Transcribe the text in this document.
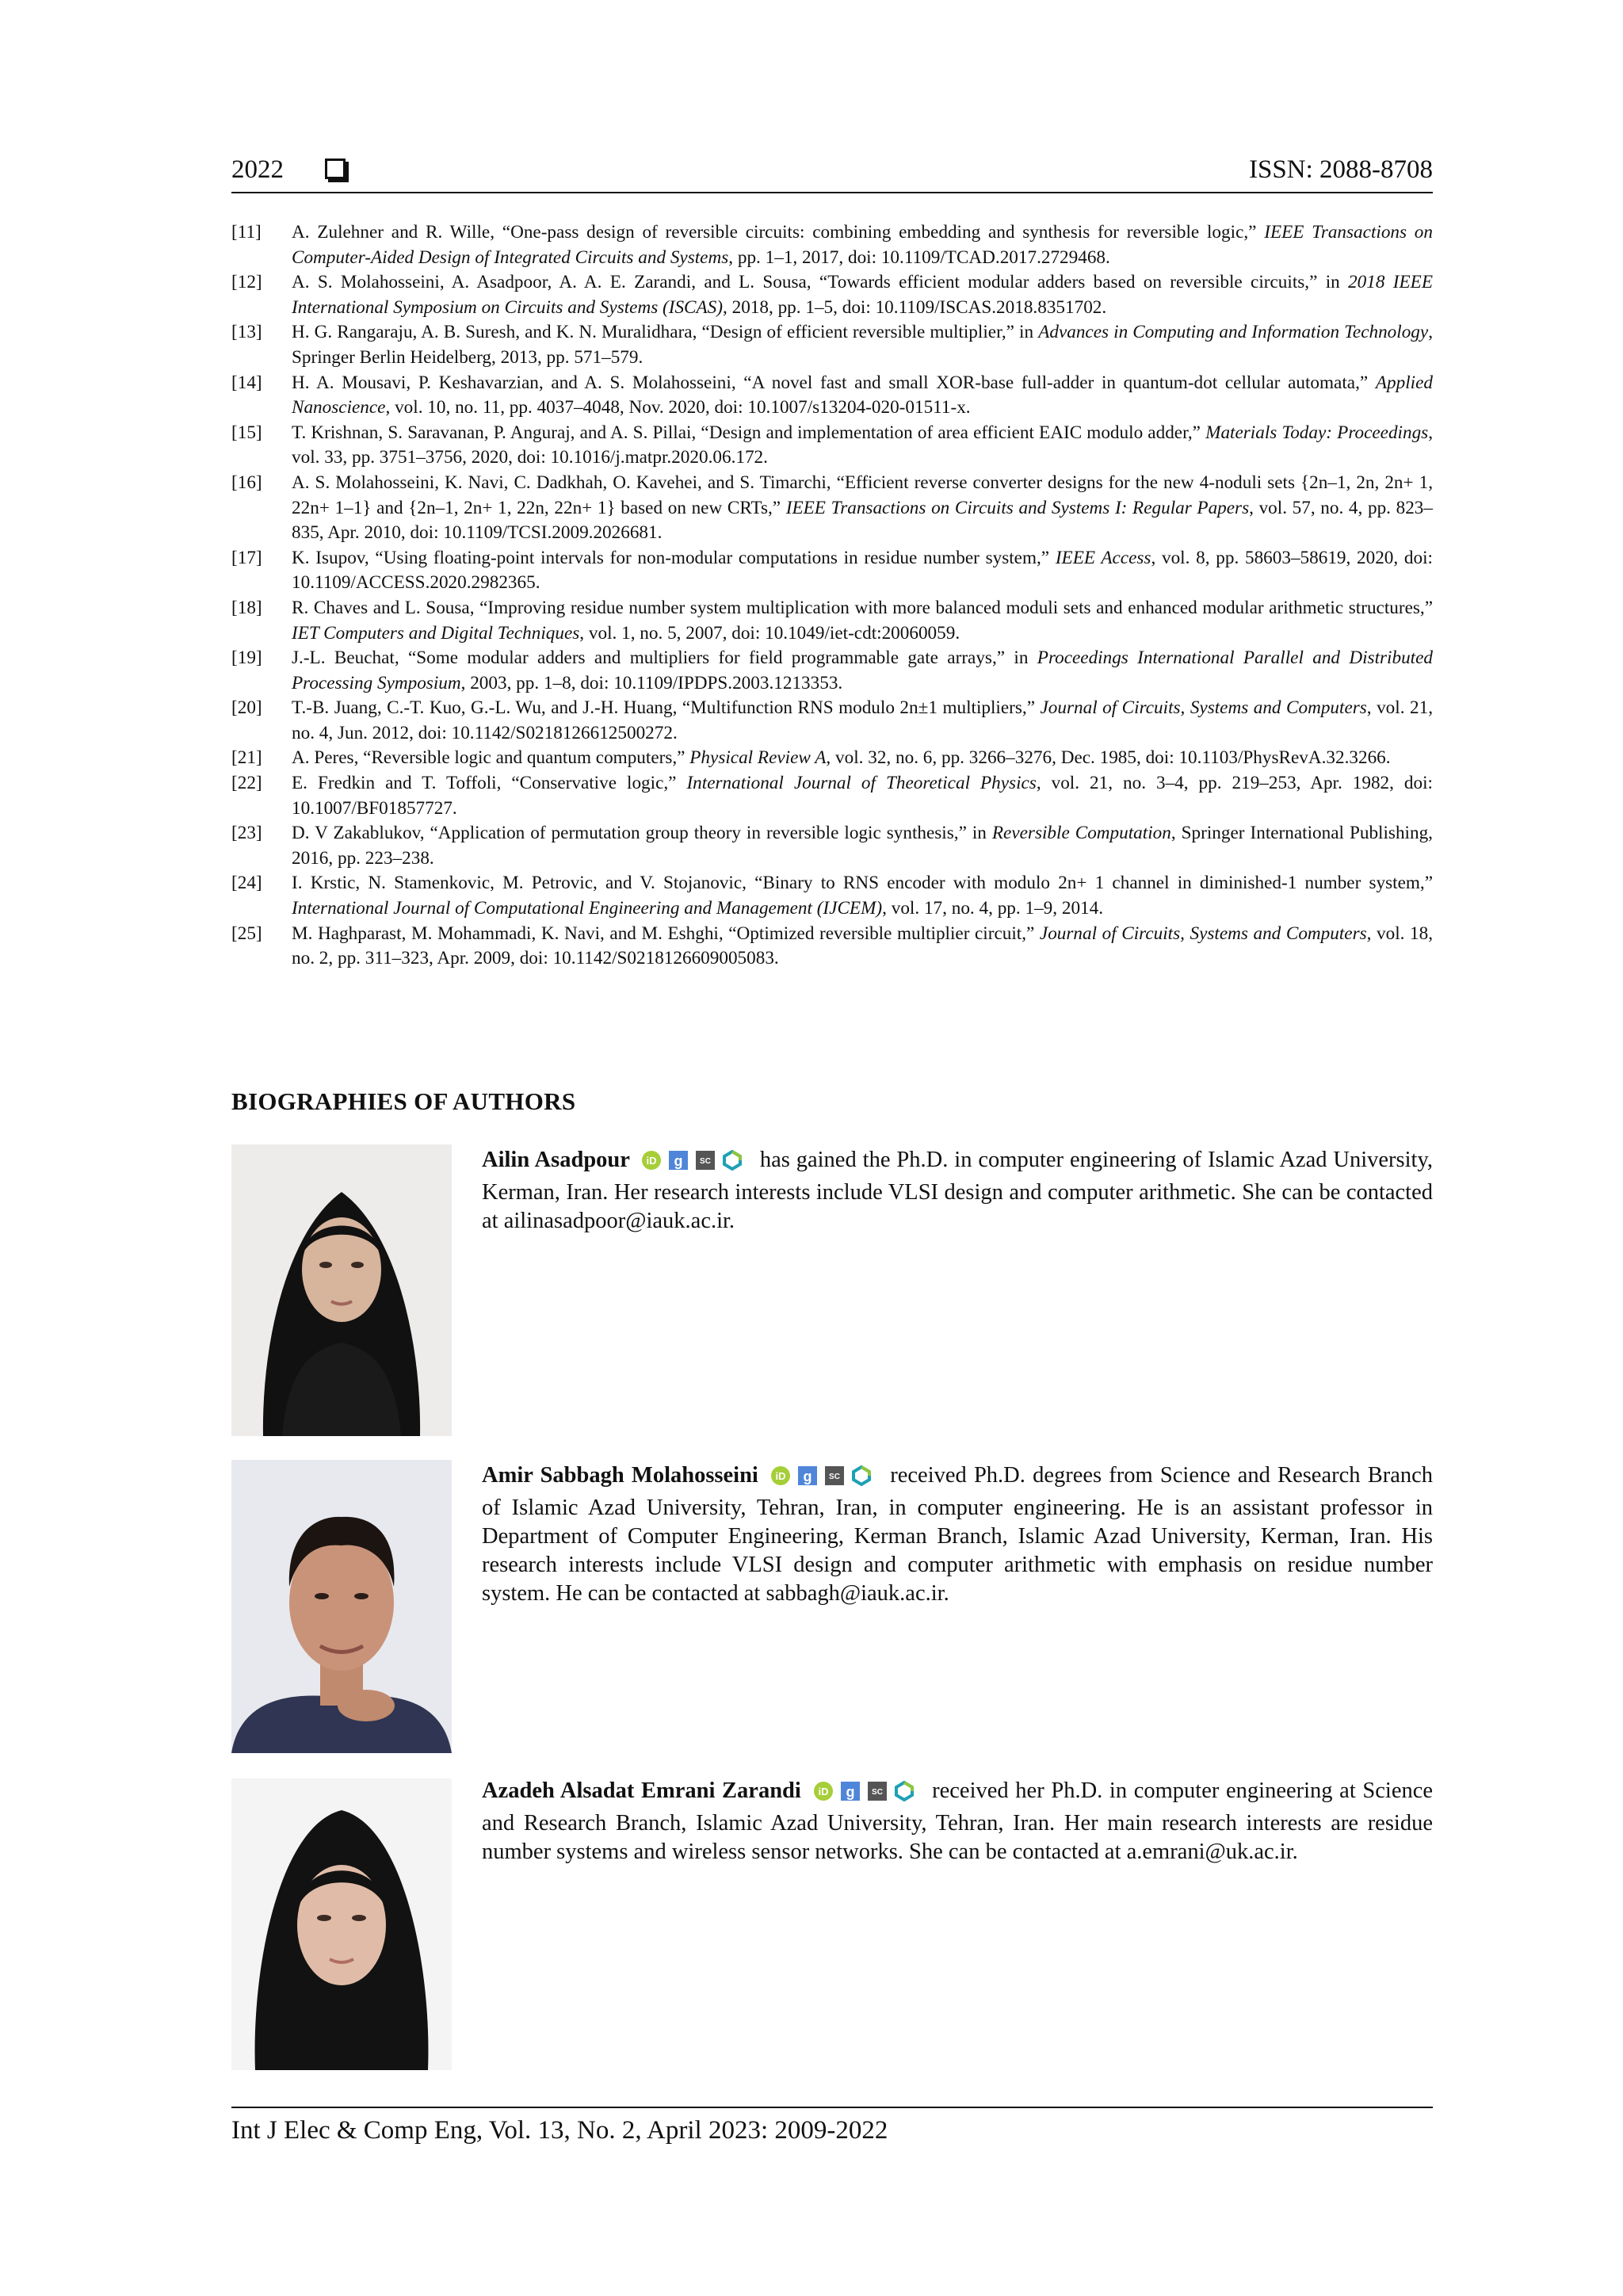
2022	ISSN: 2088-8708
[11] A. Zulehner and R. Wille, “One-pass design of reversible circuits: combining embedding and synthesis for reversible logic,” IEEE Transactions on Computer-Aided Design of Integrated Circuits and Systems, pp. 1–1, 2017, doi: 10.1109/TCAD.2017.2729468.
[12] A. S. Molahosseini, A. Asadpoor, A. A. E. Zarandi, and L. Sousa, “Towards efficient modular adders based on reversible circuits,” in 2018 IEEE International Symposium on Circuits and Systems (ISCAS), 2018, pp. 1–5, doi: 10.1109/ISCAS.2018.8351702.
[13] H. G. Rangaraju, A. B. Suresh, and K. N. Muralidhara, “Design of efficient reversible multiplier,” in Advances in Computing and Information Technology, Springer Berlin Heidelberg, 2013, pp. 571–579.
[14] H. A. Mousavi, P. Keshavarzian, and A. S. Molahosseini, “A novel fast and small XOR-base full-adder in quantum-dot cellular automata,” Applied Nanoscience, vol. 10, no. 11, pp. 4037–4048, Nov. 2020, doi: 10.1007/s13204-020-01511-x.
[15] T. Krishnan, S. Saravanan, P. Anguraj, and A. S. Pillai, “Design and implementation of area efficient EAIC modulo adder,” Materials Today: Proceedings, vol. 33, pp. 3751–3756, 2020, doi: 10.1016/j.matpr.2020.06.172.
[16] A. S. Molahosseini, K. Navi, C. Dadkhah, O. Kavehei, and S. Timarchi, “Efficient reverse converter designs for the new 4-noduli sets {2n–1, 2n, 2n+ 1, 22n+ 1–1} and {2n–1, 2n+ 1, 22n, 22n+ 1} based on new CRTs,” IEEE Transactions on Circuits and Systems I: Regular Papers, vol. 57, no. 4, pp. 823–835, Apr. 2010, doi: 10.1109/TCSI.2009.2026681.
[17] K. Isupov, “Using floating-point intervals for non-modular computations in residue number system,” IEEE Access, vol. 8, pp. 58603–58619, 2020, doi: 10.1109/ACCESS.2020.2982365.
[18] R. Chaves and L. Sousa, “Improving residue number system multiplication with more balanced moduli sets and enhanced modular arithmetic structures,” IET Computers and Digital Techniques, vol. 1, no. 5, 2007, doi: 10.1049/iet-cdt:20060059.
[19] J.-L. Beuchat, “Some modular adders and multipliers for field programmable gate arrays,” in Proceedings International Parallel and Distributed Processing Symposium, 2003, pp. 1–8, doi: 10.1109/IPDPS.2003.1213353.
[20] T.-B. Juang, C.-T. Kuo, G.-L. Wu, and J.-H. Huang, “Multifunction RNS modulo 2n±1 multipliers,” Journal of Circuits, Systems and Computers, vol. 21, no. 4, Jun. 2012, doi: 10.1142/S0218126612500272.
[21] A. Peres, “Reversible logic and quantum computers,” Physical Review A, vol. 32, no. 6, pp. 3266–3276, Dec. 1985, doi: 10.1103/PhysRevA.32.3266.
[22] E. Fredkin and T. Toffoli, “Conservative logic,” International Journal of Theoretical Physics, vol. 21, no. 3–4, pp. 219–253, Apr. 1982, doi: 10.1007/BF01857727.
[23] D. V Zakablukov, “Application of permutation group theory in reversible logic synthesis,” in Reversible Computation, Springer International Publishing, 2016, pp. 223–238.
[24] I. Krstic, N. Stamenkovic, M. Petrovic, and V. Stojanovic, “Binary to RNS encoder with modulo 2n+ 1 channel in diminished-1 number system,” International Journal of Computational Engineering and Management (IJCEM), vol. 17, no. 4, pp. 1–9, 2014.
[25] M. Haghparast, M. Mohammadi, K. Navi, and M. Eshghi, “Optimized reversible multiplier circuit,” Journal of Circuits, Systems and Computers, vol. 18, no. 2, pp. 311–323, Apr. 2009, doi: 10.1142/S0218126609005083.
BIOGRAPHIES OF AUTHORS
Ailin Asadpour iD g SC has gained the Ph.D. in computer engineering of Islamic Azad University, Kerman, Iran. Her research interests include VLSI design and computer arithmetic. She can be contacted at ailinasadpoor@iauk.ac.ir.
Amir Sabbagh Molahosseini iD g SC received Ph.D. degrees from Science and Research Branch of Islamic Azad University, Tehran, Iran, in computer engineering. He is an assistant professor in Department of Computer Engineering, Kerman Branch, Islamic Azad University, Kerman, Iran. His research interests include VLSI design and computer arithmetic with emphasis on residue number system. He can be contacted at sabbagh@iauk.ac.ir.
Azadeh Alsadat Emrani Zarandi iD g SC received her Ph.D. in computer engineering at Science and Research Branch, Islamic Azad University, Tehran, Iran. Her main research interests are residue number systems and wireless sensor networks. She can be contacted at a.emrani@uk.ac.ir.
Int J Elec & Comp Eng, Vol. 13, No. 2, April 2023: 2009-2022
